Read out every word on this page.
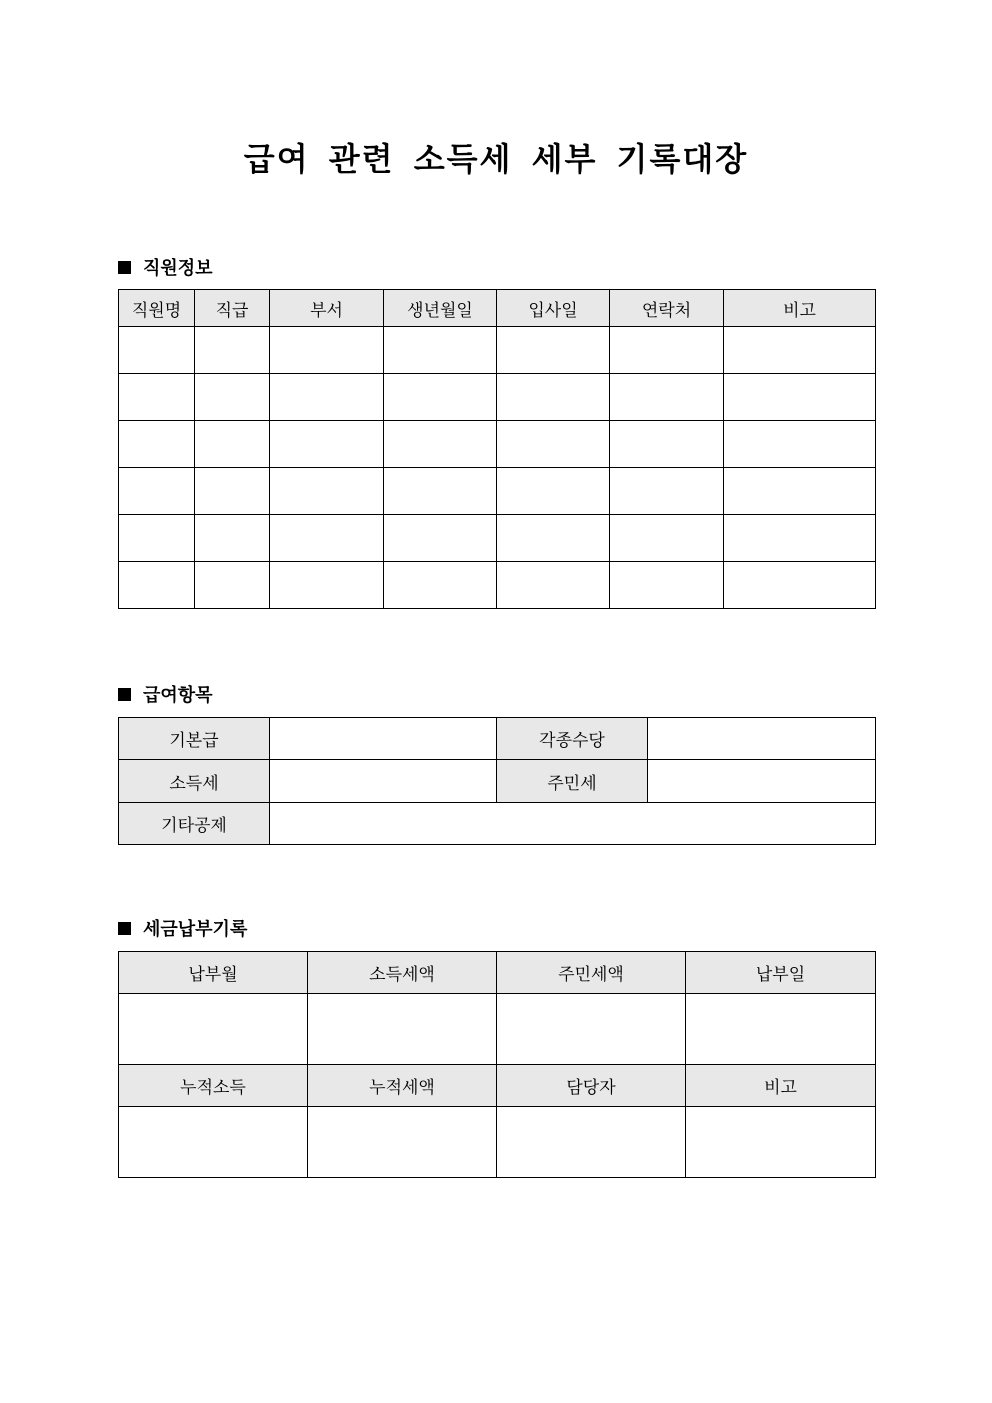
급여 관련 소득세 세부 기록대장
직원정보
직원명	직급	부서	생년월일	입사일	연락처	비고

급여항목
기본급		각종수당	
소득세		주민세	
기타공제			
세금납부기록
납부월	소득세액	주민세액	납부일

누적소득	누적세액	담당자	비고
